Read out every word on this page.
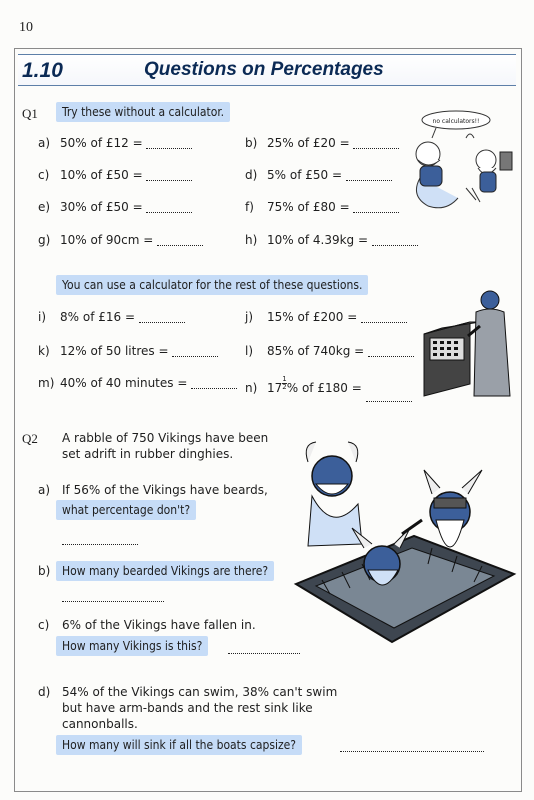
10
1.10	Questions on Percentages
Q1	Try these without a calculator.
a) 50% of £12 =	b) 25% of £20 =
c) 10% of £50 =	d) 5% of £50 =
e) 30% of £50 =	f) 75% of £80 =
g) 10% of 90cm =	h) 10% of 4.39kg =
no calculators!!
You can use a calculator for the rest of these questions.
i) 8% of £16 =	j) 15% of £200 =
k) 12% of 50 litres =	l) 85% of 740kg =
m) 40% of 40 minutes =	n) $17 \frac{1}{2}$ % of £180 =
Q2 A rabble of 750 Vikings have been
set adrift in rubber dinghies.
a) If 56% of the Vikings have beards,
what percentage don't?
b) How many bearded Vikings are there?
c) 6% of the Vikings have fallen in.
How many Vikings is this?
d) 54% of the Vikings can swim, 38% can't swim
but have arm-bands and the rest sink like
cannonballs.
How many will sink if all the boats capsize?
